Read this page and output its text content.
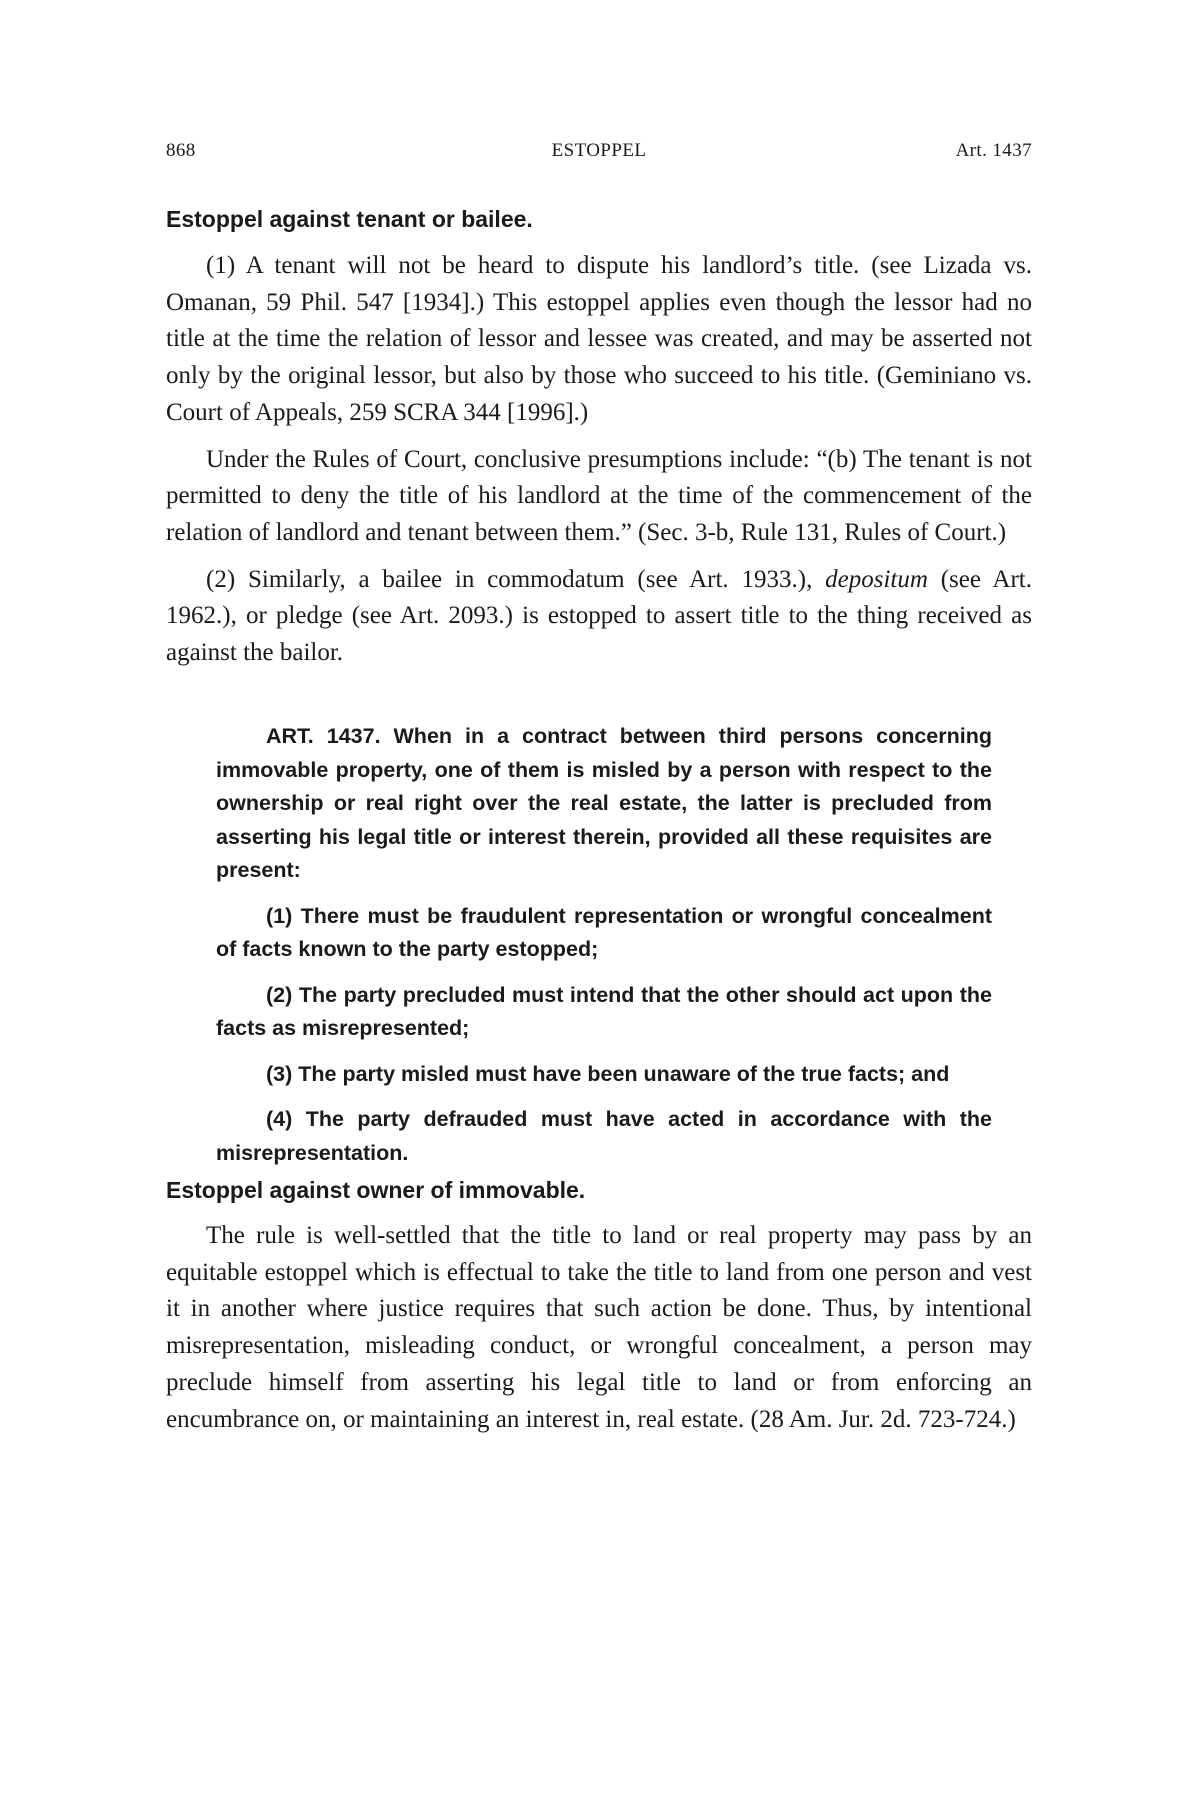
868	ESTOPPEL	Art. 1437
Estoppel against tenant or bailee.

(1) A tenant will not be heard to dispute his landlord’s title. (see Lizada vs. Omanan, 59 Phil. 547 [1934].) This estoppel applies even though the lessor had no title at the time the relation of lessor and lessee was created, and may be asserted not only by the original lessor, but also by those who succeed to his title. (Geminiano vs. Court of Appeals, 259 SCRA 344 [1996].)

Under the Rules of Court, conclusive presumptions include: “(b) The tenant is not permitted to deny the title of his landlord at the time of the commencement of the relation of landlord and tenant between them.” (Sec. 3-b, Rule 131, Rules of Court.)

(2) Similarly, a bailee in commodatum (see Art. 1933.), depositum (see Art. 1962.), or pledge (see Art. 2093.) is estopped to assert title to the thing received as against the bailor.

ART. 1437. When in a contract between third persons concerning immovable property, one of them is misled by a person with respect to the ownership or real right over the real estate, the latter is precluded from asserting his legal title or interest therein, provided all these requisites are present:

(1) There must be fraudulent representation or wrongful concealment of facts known to the party estopped;

(2) The party precluded must intend that the other should act upon the facts as misrepresented;

(3) The party misled must have been unaware of the true facts; and

(4) The party defrauded must have acted in accordance with the misrepresentation.

Estoppel against owner of immovable.

The rule is well-settled that the title to land or real property may pass by an equitable estoppel which is effectual to take the title to land from one person and vest it in another where justice requires that such action be done. Thus, by intentional misrepresentation, misleading conduct, or wrongful concealment, a person may preclude himself from asserting his legal title to land or from enforcing an encumbrance on, or maintaining an interest in, real estate. (28 Am. Jur. 2d. 723-724.)
